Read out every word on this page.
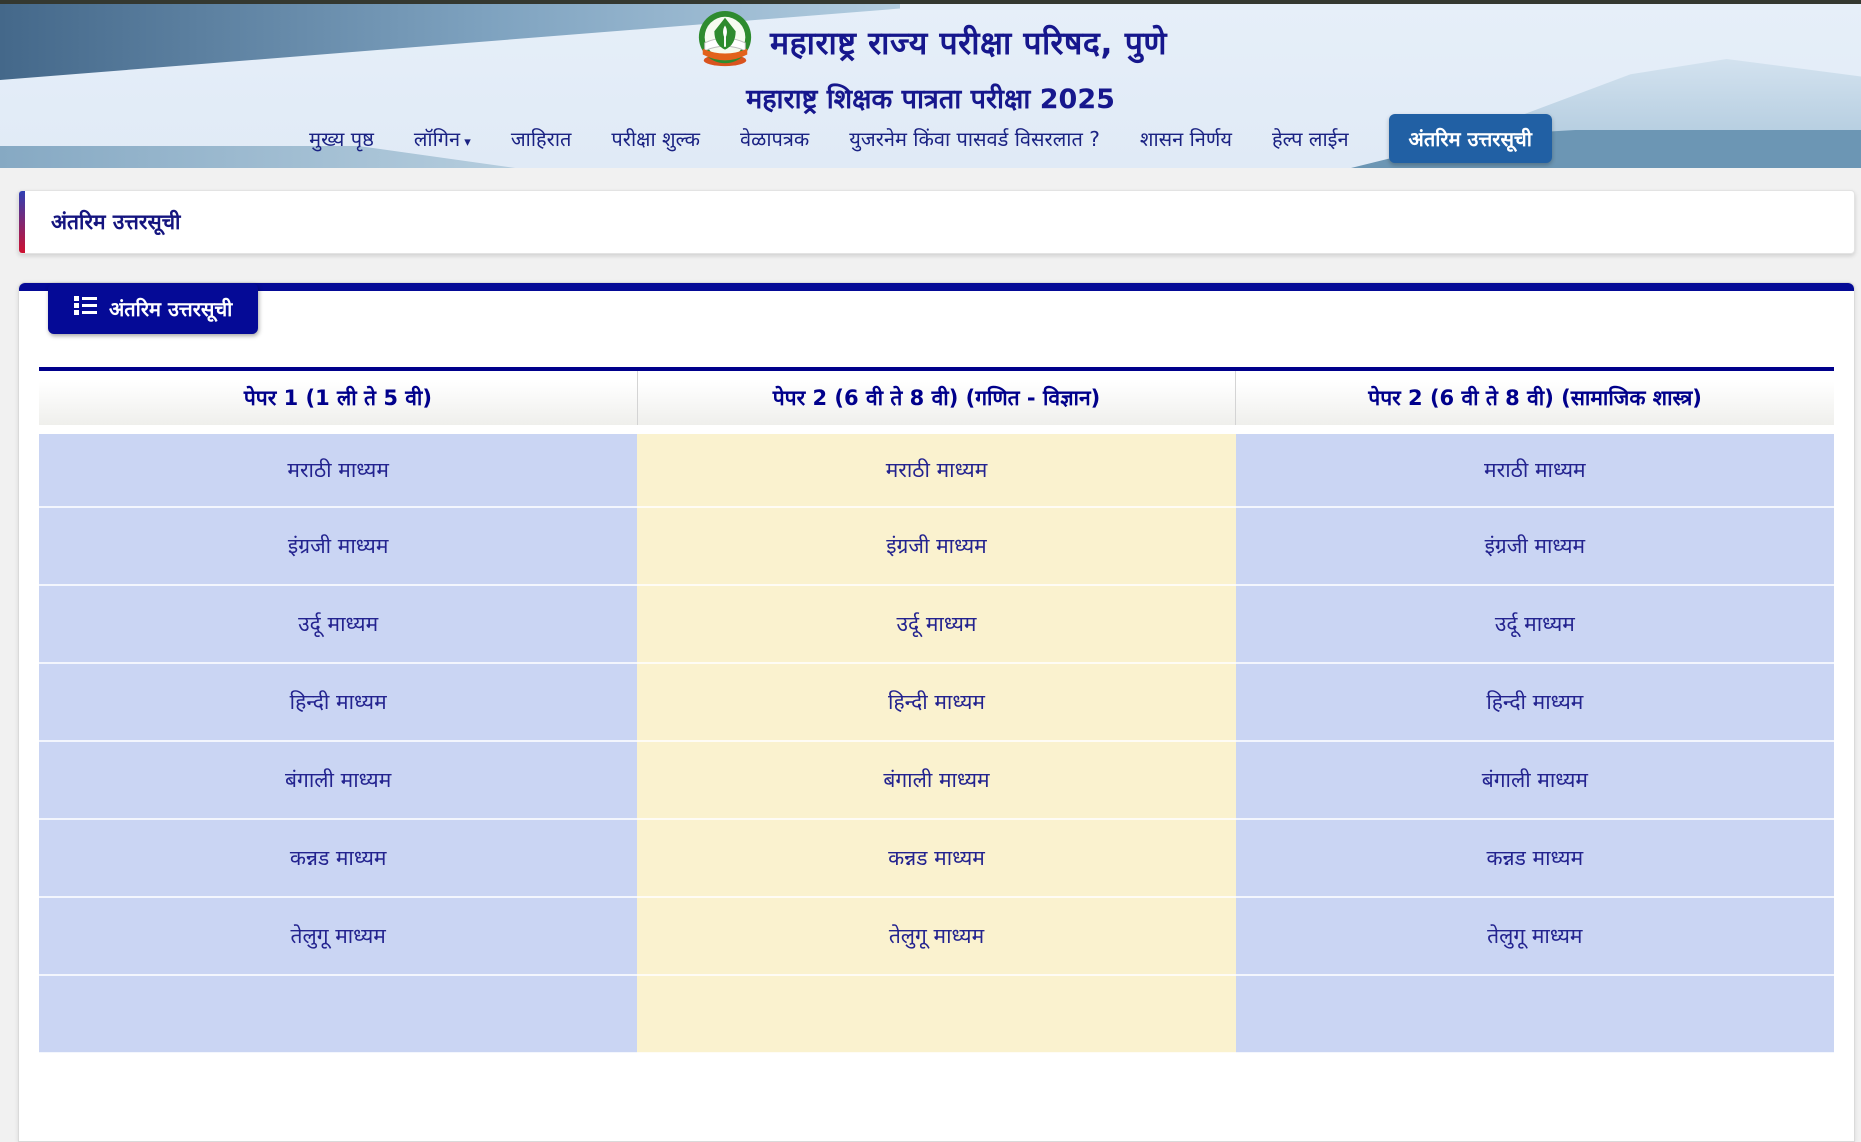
महाराष्ट्र राज्य परीक्षा परिषद, पुणे
महाराष्ट्र शिक्षक पात्रता परीक्षा 2025
मुख्य पृष्ठ लॉगिन ▾ जाहिरात परीक्षा शुल्क वेळापत्रक युजरनेम किंवा पासवर्ड विसरलात ? शासन निर्णय हेल्प लाईन	अंतरिम उत्तरसूची
अंतरिम उत्तरसूची
अंतरिम उत्तरसूची
पेपर 1 (1 ली ते 5 वी)	पेपर 2 (6 वी ते 8 वी) (गणित - विज्ञान)	पेपर 2 (6 वी ते 8 वी) (सामाजिक शास्त्र)
मराठी माध्यम	मराठी माध्यम	मराठी माध्यम
इंग्रजी माध्यम	इंग्रजी माध्यम	इंग्रजी माध्यम
उर्दू माध्यम	उर्दू माध्यम	उर्दू माध्यम
हिन्दी माध्यम	हिन्दी माध्यम	हिन्दी माध्यम
बंगाली माध्यम	बंगाली माध्यम	बंगाली माध्यम
कन्नड माध्यम	कन्नड माध्यम	कन्नड माध्यम
तेलुगू माध्यम	तेलुगू माध्यम	तेलुगू माध्यम
